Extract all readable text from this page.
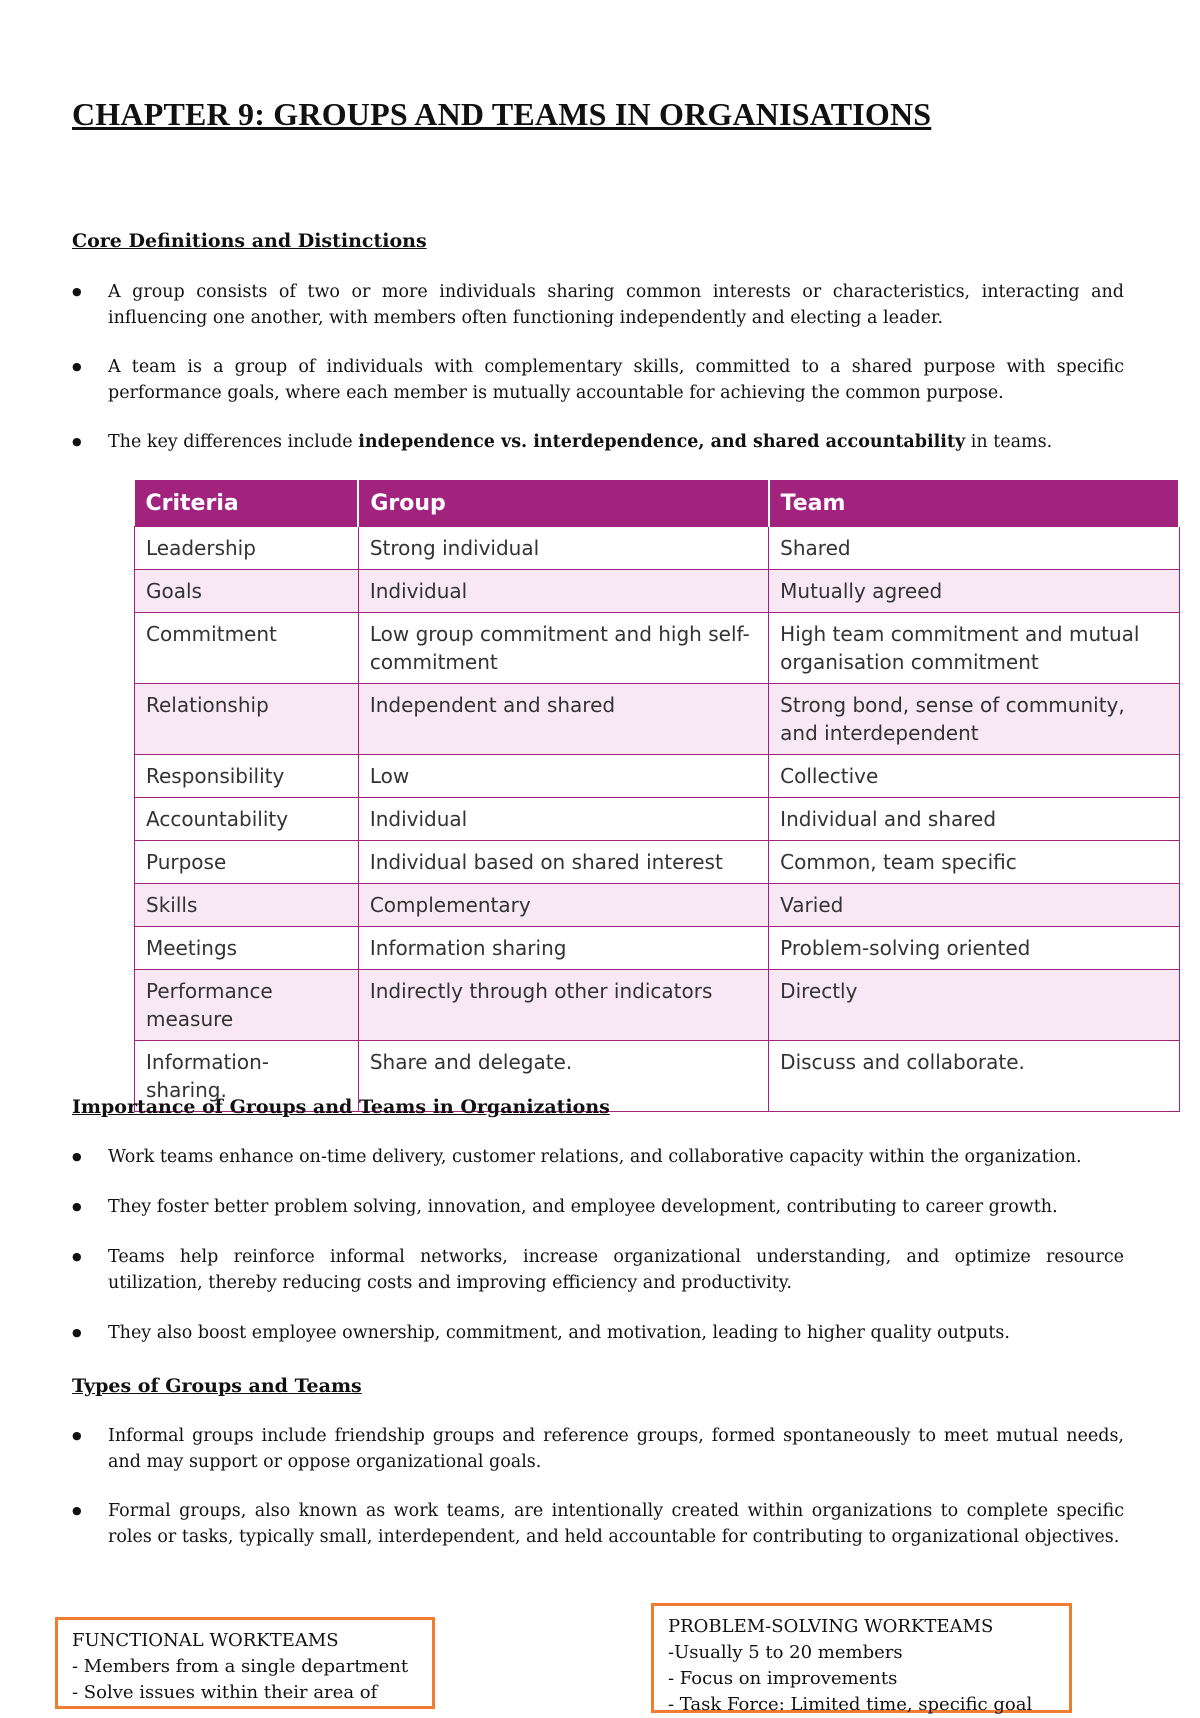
CHAPTER 9: GROUPS AND TEAMS IN ORGANISATIONS
Core Definitions and Distinctions
● A group consists of two or more individuals sharing common interests or characteristics, interacting and influencing one another, with members often functioning independently and electing a leader.
● A team is a group of individuals with complementary skills, committed to a shared purpose with specific performance goals, where each member is mutually accountable for achieving the common purpose.
● The key differences include independence vs. interdependence, and shared accountability in teams.
Criteria	Group	Team
Leadership	Strong individual	Shared
Goals	Individual	Mutually agreed
Commitment	Low group commitment and high self-commitment	High team commitment and mutual organisation commitment
Relationship	Independent and shared	Strong bond, sense of community, and interdependent
Responsibility	Low	Collective
Accountability	Individual	Individual and shared
Purpose	Individual based on shared interest	Common, team specific
Skills	Complementary	Varied
Meetings	Information sharing	Problem-solving oriented
Performance measure	Indirectly through other indicators	Directly
Information-sharing.	Share and delegate.	Discuss and collaborate.
Importance of Groups and Teams in Organizations
● Work teams enhance on-time delivery, customer relations, and collaborative capacity within the organization.
● They foster better problem solving, innovation, and employee development, contributing to career growth.
● Teams help reinforce informal networks, increase organizational understanding, and optimize resource utilization, thereby reducing costs and improving efficiency and productivity.
● They also boost employee ownership, commitment, and motivation, leading to higher quality outputs.
Types of Groups and Teams
● Informal groups include friendship groups and reference groups, formed spontaneously to meet mutual needs, and may support or oppose organizational goals.
● Formal groups, also known as work teams, are intentionally created within organizations to complete specific roles or tasks, typically small, interdependent, and held accountable for contributing to organizational objectives.
FUNCTIONAL WORKTEAMS
- Members from a single department
- Solve issues within their area of
PROBLEM-SOLVING WORKTEAMS
-Usually 5 to 20 members
- Focus on improvements
- Task Force: Limited time, specific goal
